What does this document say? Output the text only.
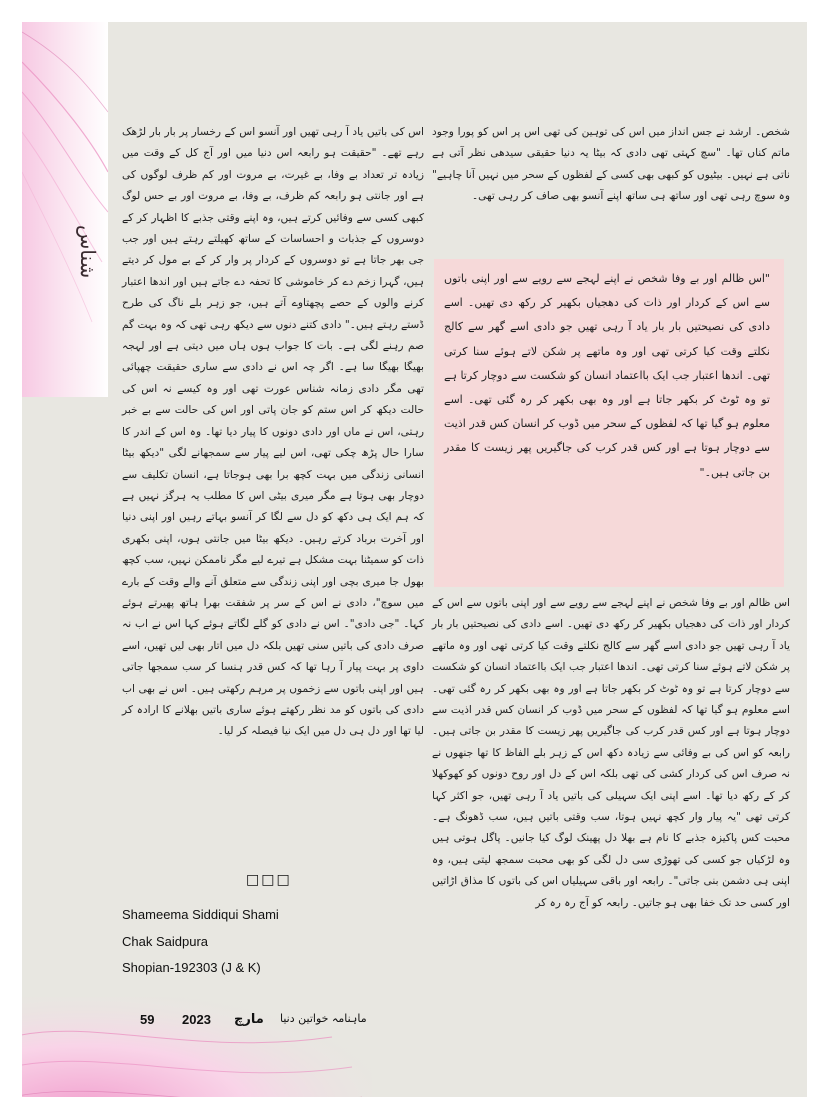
شناس

شخص۔ ارشد نے جس انداز میں اس کی توہین کی تھی اس پر اس کو پورا وجود ماتم کناں تھا۔ "سچ کہتی تھی دادی کہ بیٹا یہ دنیا حقیقی سیدھی نظر آتی ہے ناتی ہے نہیں۔ بیٹیوں کو کبھی بھی کسی کے لفظوں کے سحر میں نہیں آنا چاہیے" وہ سوچ رہی تھی اور ساتھ ہی ساتھ اپنے آنسو بھی صاف کر رہی تھی۔

"اس ظالم اور بے وفا شخص نے اپنے لہجے سے رویے سے اور اپنی باتوں سے اس کے کردار اور ذات کی دھجیاں بکھیر کر رکھ دی تھیں۔ اسے دادی کی نصیحتیں بار بار یاد آ رہی تھیں جو دادی اسے گھر سے کالج نکلتے وقت کیا کرتی تھی اور وہ ماتھے پر شکن لاتے ہوئے سنا کرتی تھی۔ اندھا اعتبار جب ایک بااعتماد انسان کو شکست سے دوچار کرتا ہے تو وہ ٹوٹ کر بکھر جاتا ہے اور وہ بھی بکھر کر رہ گئی تھی۔ اسے معلوم ہو گیا تھا کہ لفظوں کے سحر میں ڈوب کر انسان کس قدر اذیت سے دوچار ہوتا ہے اور کس قدر کرب کی جاگیریں پھر زیست کا مقدر بن جاتی ہیں۔"

اس ظالم اور بے وفا شخص نے اپنے لہجے سے رویے سے اور اپنی باتوں سے اس کے کردار اور ذات کی دھجیاں بکھیر کر رکھ دی تھیں۔ اسے دادی کی نصیحتیں بار بار یاد آ رہی تھیں جو دادی اسے گھر سے کالج نکلتے وقت کیا کرتی تھی اور وہ ماتھے پر شکن لاتے ہوئے سنا کرتی تھی۔ اندھا اعتبار جب ایک بااعتماد انسان کو شکست سے دوچار کرتا ہے تو وہ ٹوٹ کر بکھر جاتا ہے اور وہ بھی بکھر کر رہ گئی تھی۔ اسے معلوم ہو گیا تھا کہ لفظوں کے سحر میں ڈوب کر انسان کس قدر اذیت سے دوچار ہوتا ہے اور کس قدر کرب کی جاگیریں پھر زیست کا مقدر بن جاتی ہیں۔ رابعہ کو اس کی بے وفائی سے زیادہ دکھ اس کے زہر بلے الفاظ کا تھا جنھوں نے نہ صرف اس کی کردار کشی کی تھی بلکہ اس کے دل اور روح دونوں کو کھوکھلا کر کے رکھ دیا تھا۔ اسے اپنی ایک سہیلی کی باتیں یاد آ رہی تھیں، جو اکثر کہا کرتی تھی "یہ پیار وار کچھ نہیں ہوتا، سب وقتی باتیں ہیں، سب ڈھونگ ہے۔ محبت کس پاکیزہ جذبے کا نام ہے بھلا دل پھینک لوگ کیا جانیں۔ پاگل ہوتی ہیں وہ لڑکیاں جو کسی کی تھوڑی سی دل لگی کو بھی محبت سمجھ لیتی ہیں، وہ اپنی ہی دشمن بنی جاتی"۔ رابعہ اور باقی سہیلیاں اس کی باتوں کا مذاق اڑاتیں اور کسی حد تک خفا بھی ہو جاتیں۔ رابعہ کو آج رہ رہ کر

اس کی باتیں یاد آ رہی تھیں اور آنسو اس کے رخسار پر بار بار لڑھک رہے تھے۔ "حقیقت ہو رابعہ اس دنیا میں اور آج کل کے وقت میں زیادہ تر تعداد بے وفا، بے غیرت، بے مروت اور کم ظرف لوگوں کی ہے اور جانتی ہو رابعہ کم ظرف، بے وفا، بے مروت اور بے حس لوگ کبھی کسی سے وفائیں کرتے ہیں، وہ اپنے وقتی جذبے کا اظہار کر کے دوسروں کے جذبات و احساسات کے ساتھ کھیلتے رہتے ہیں اور جب جی بھر جاتا ہے تو دوسروں کے کردار پر وار کر کے بے مول کر دیتے ہیں، گہرا زخم دے کر خاموشی کا تحفہ دے جاتے ہیں اور اندھا اعتبار کرنے والوں کے حصے پچھتاوے آتے ہیں، جو زہر بلے ناگ کی طرح ڈستے رہتے ہیں۔" دادی کتنے دنوں سے دیکھ رہی تھی کہ وہ بہت گم صم رہنے لگی ہے۔ بات کا جواب ہوں ہاں میں دیتی ہے اور لہجہ بھیگا بھیگا سا ہے۔ اگر چہ اس نے دادی سے ساری حقیقت چھپائی تھی مگر دادی زمانہ شناس عورت تھی اور وہ کیسے نہ اس کی حالت دیکھ کر اس ستم کو جان پاتی اور اس کی حالت سے بے خبر رہتی، اس نے ماں اور دادی دونوں کا پیار دیا تھا۔ وہ اس کے اندر کا سارا حال پڑھ چکی تھی، اس لیے پیار سے سمجھانے لگی "دیکھ بیٹا انسانی زندگی میں بہت کچھ برا بھی ہوجاتا ہے، انسان تکلیف سے دوچار بھی ہوتا ہے مگر میری بیٹی اس کا مطلب یہ ہرگز نہیں ہے کہ ہم ایک ہی دکھ کو دل سے لگا کر آنسو بہاتے رہیں اور اپنی دنیا اور آخرت برباد کرتے رہیں۔ دیکھ بیٹا میں جانتی ہوں، اپنی بکھری ذات کو سمیٹنا بہت مشکل ہے تیرے لیے مگر ناممکن نہیں، سب کچھ بھول جا میری بچی اور اپنی زندگی سے متعلق آنے والے وقت کے بارے میں سوچ"، دادی نے اس کے سر پر شفقت بھرا ہاتھ پھیرتے ہوئے کہا۔ "جی دادی"۔ اس نے دادی کو گلے لگاتے ہوئے کہا اس نے اب نہ صرف دادی کی باتیں سنی تھیں بلکہ دل میں اتار بھی لیں تھیں، اسے داوی پر بہت پیار آ رہا تھا کہ کس قدر ہنسا کر سب سمجھا جاتی ہیں اور اپنی باتوں سے زخموں پر مرہم رکھتی ہیں۔ اس نے بھی اب دادی کی باتوں کو مد نظر رکھتے ہوئے ساری باتیں بھلانے کا ارادہ کر لیا تھا اور دل ہی دل میں ایک نیا فیصلہ کر لیا۔

□□□
Shameema Siddiqui Shami
Chak Saidpura
Shopian-192303 (J & K)
59 2023 مارچ ماہنامہ خواتین دنیا
